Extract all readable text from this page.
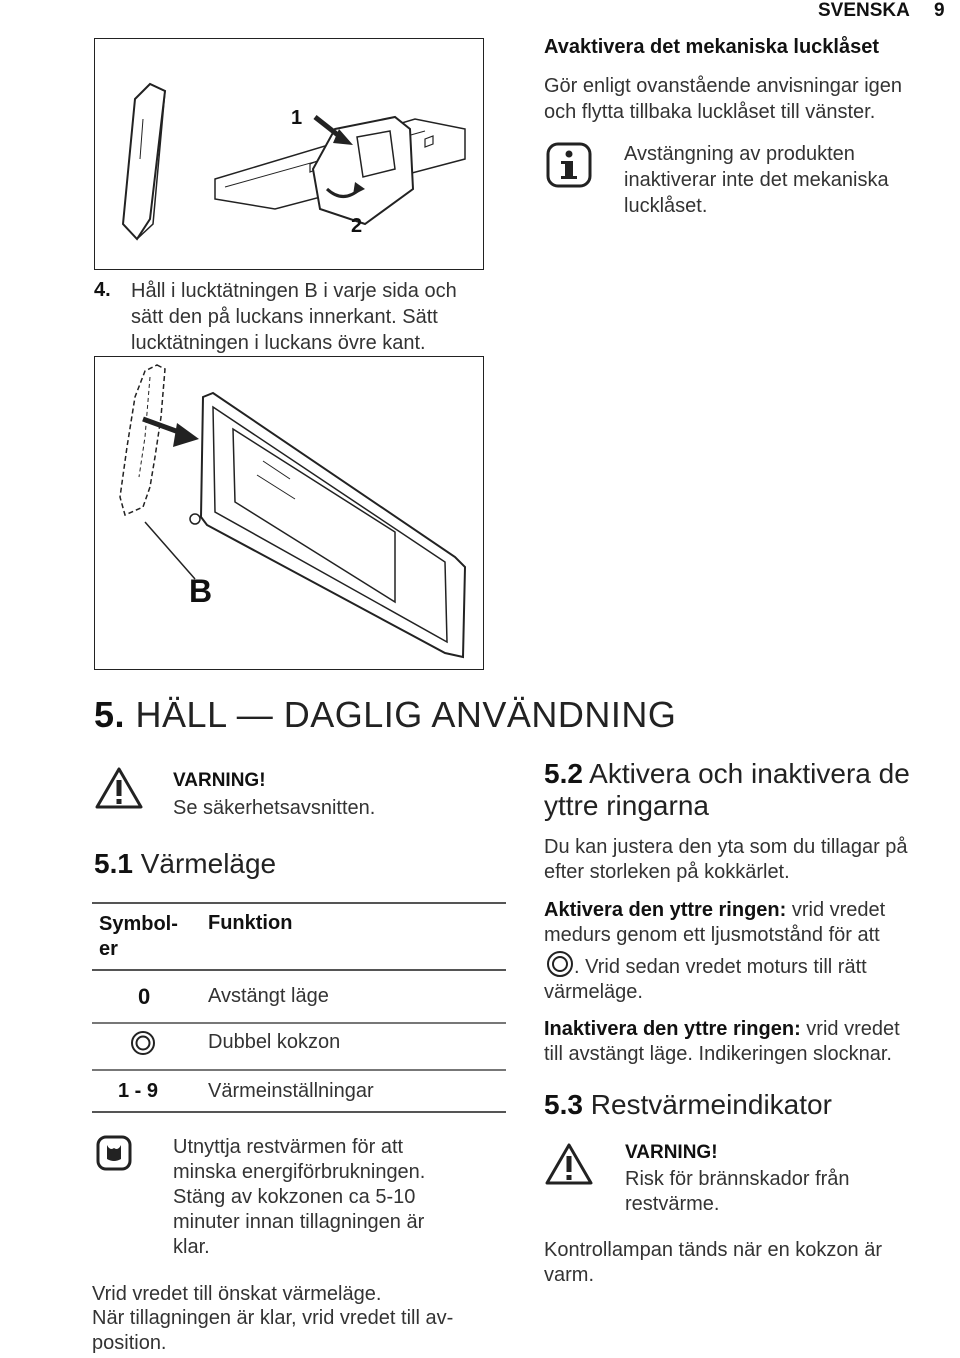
SVENSKA 9
1
2
Avaktivera det mekaniska lucklåset
Gör enligt ovanstående anvisningar igen
och flytta tillbaka lucklåset till vänster.
Avstängning av produkten
inaktiverar inte det mekaniska
lucklåset.
4. Håll i lucktätningen B i varje sida och
sätt den på luckans innerkant. Sätt
lucktätningen i luckans övre kant.
B
5. HÄLL — DAGLIG ANVÄNDNING
VARNING!
Se säkerhetsavsnitten.
5.1 Värmeläge
Symbol-
er
Funktion
0	Avstängt läge
Dubbel kokzon
1 - 9 Värmeinställningar
Utnyttja restvärmen för att
minska energiförbrukningen.
Stäng av kokzonen ca 5-10
minuter innan tillagningen är
klar.
Vrid vredet till önskat värmeläge.
När tillagningen är klar, vrid vredet till av-
position.
5.2 Aktivera och inaktivera de
yttre ringarna
Du kan justera den yta som du tillagar på
efter storleken på kokkärlet.
Aktivera den yttre ringen: vrid vredet
medurs genom ett ljusmotstånd för att
. Vrid sedan vredet moturs till rätt
värmeläge.
Inaktivera den yttre ringen: vrid vredet
till avstängt läge. Indikeringen slocknar.
5.3 Restvärmeindikator
VARNING!
Risk för brännskador från
restvärme.
Kontrollampan tänds när en kokzon är
varm.
